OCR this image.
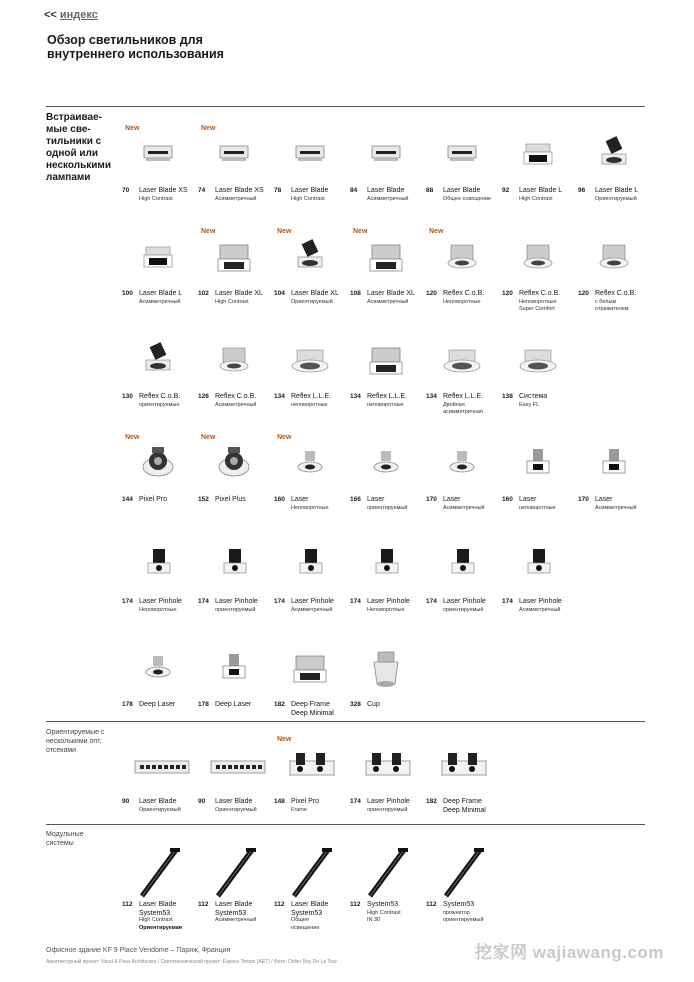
<< индекс
Обзор светильников для
внутреннего использования
Встраивае-мые све-тильники с одной или несколькими лампами
New
70 Laser Blade XS
High Contrast
New
74 Laser Blade XS
Асимметричный
78 Laser Blade
High Contrast
84 Laser Blade
Асимметричный
88 Laser Blade
Общее освещение
92 Laser Blade L
High Contrast
96 Laser Blade L
Ориентируемый
100 Laser Blade L
Асимметричный
New
102 Laser Blade XL
High Contrast
New
104 Laser Blade XL
Ориентируемый
New
108 Laser Blade XL
Асимметричный
New
120 Reflex C.o.B.
Неповоротные
120 Reflex C.o.B.
Неповоротные
Super Comfort
120 Reflex C.o.B.
с белым
отражателем
130 Reflex C.o.B.
ориентируемые
126 Reflex C.o.B.
Асимметричный
134 Reflex L.L.E.
неповоротные
134 Reflex L.L.E.
неповоротные
134 Reflex L.L.E.
Двойная
асимметричная
138 Система
Easy FL
New
144 Pixel Pro
New
152 Pixel Plus
New
160 Laser
Неповоротные
166 Laser
ориентируемый
170 Laser
Асимметричный
160 Laser
неповоротные
170 Laser
Асимметричный
174 Laser Pinhole
Неповоротные
174 Laser Pinhole
ориентируемый
174 Laser Pinhole
Асимметричный
174 Laser Pinhole
Неповоротные
174 Laser Pinhole
ориентируемый
174 Laser Pinhole
Асимметричный
178 Deep Laser	178 Deep Laser	182 Deep Frame
Deep Minimal
328 Cup
Ориентируемые с несколькими опт. отсеками
90 Laser Blade
Ориентируемый
90 Laser Blade
Ориентируемый
New
148 Pixel Pro
Frame
174 Laser Pinhole
ориентируемый
182 Deep Frame
Deep Minimal
Модульные системы
112 Laser Blade
System53
High Contrast
Ориентируемая
112 Laser Blade
System53
Асимметричный
112 Laser Blade
System53
Общее
освещение
112 System53
High Contrast
IN 30
112 System53
прожектор
ориентируемый
Офисное здание KF 9 Place Vendome – Париж, Франция
Архитектурный проект: Naud & Poux Architectes / Светотехнический проект: Espace Temps (AET) / Фото: Didier Boy De La Tour	挖家网 wajiawang.com
